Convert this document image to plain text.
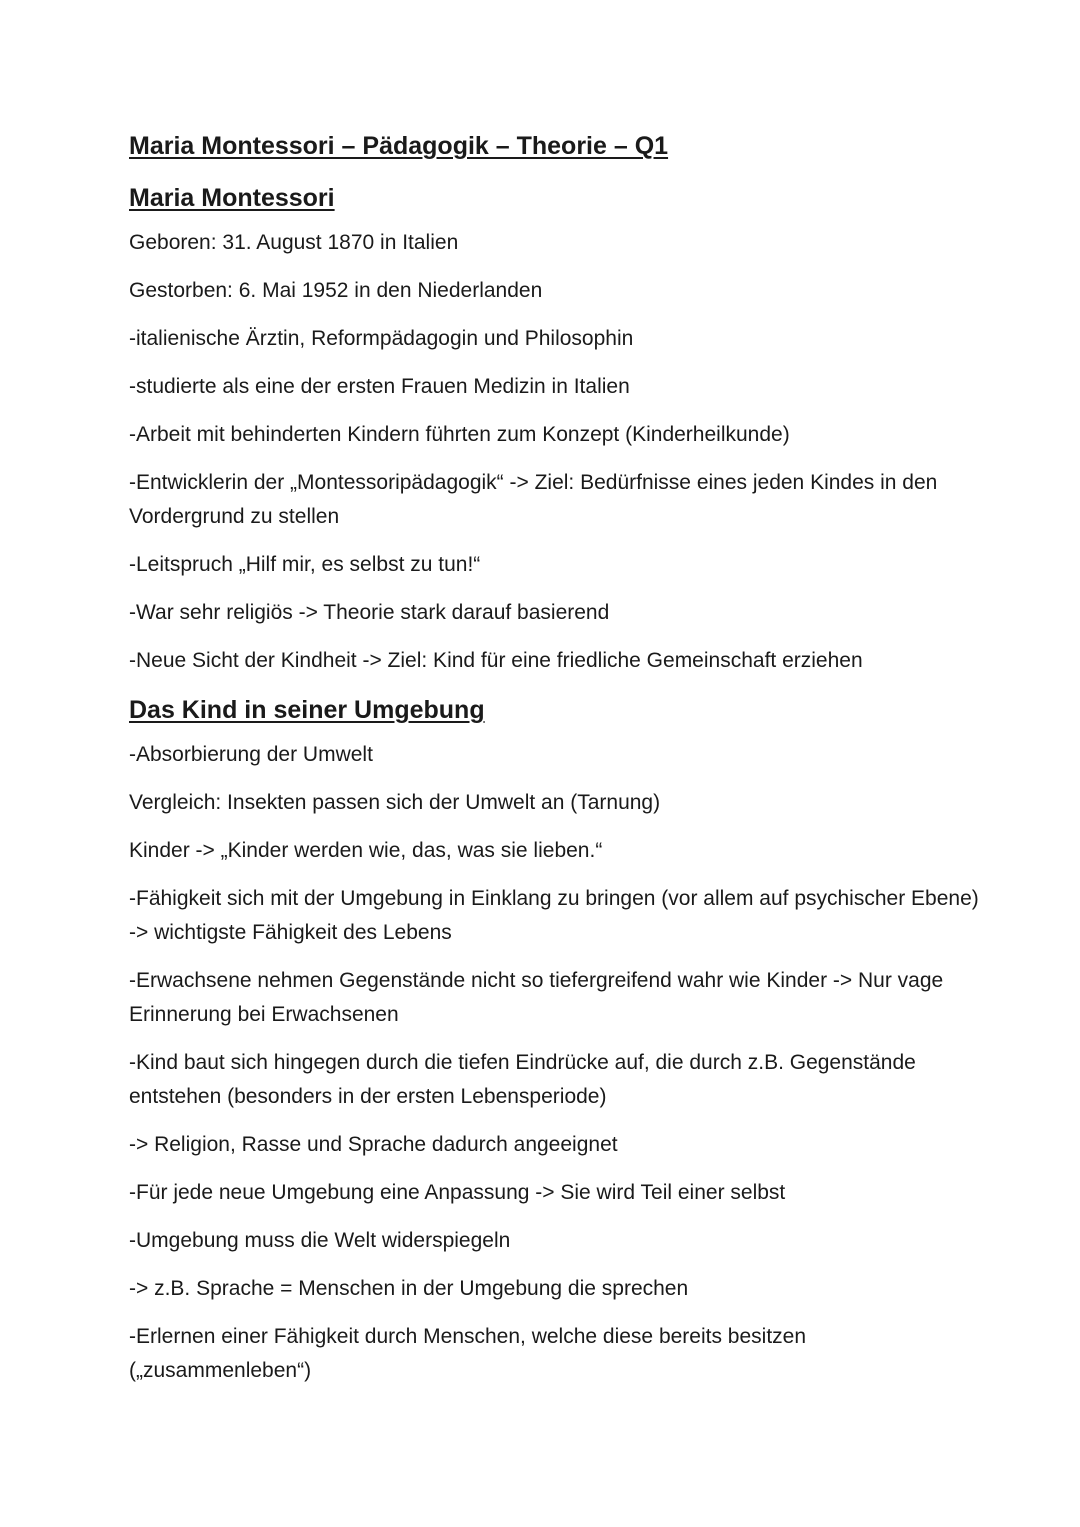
Maria Montessori – Pädagogik – Theorie – Q1
Maria Montessori

Geboren: 31. August 1870 in Italien

Gestorben: 6. Mai 1952 in den Niederlanden

-italienische Ärztin, Reformpädagogin und Philosophin

-studierte als eine der ersten Frauen Medizin in Italien

-Arbeit mit behinderten Kindern führten zum Konzept (Kinderheilkunde)

-Entwicklerin der „Montessoripädagogik“ -> Ziel: Bedürfnisse eines jeden Kindes in den Vordergrund zu stellen

-Leitspruch „Hilf mir, es selbst zu tun!“

-War sehr religiös -> Theorie stark darauf basierend

-Neue Sicht der Kindheit -> Ziel: Kind für eine friedliche Gemeinschaft erziehen

Das Kind in seiner Umgebung

-Absorbierung der Umwelt

Vergleich: Insekten passen sich der Umwelt an (Tarnung)

Kinder -> „Kinder werden wie, das, was sie lieben.“

-Fähigkeit sich mit der Umgebung in Einklang zu bringen (vor allem auf psychischer Ebene) -> wichtigste Fähigkeit des Lebens

-Erwachsene nehmen Gegenstände nicht so tiefergreifend wahr wie Kinder -> Nur vage Erinnerung bei Erwachsenen

-Kind baut sich hingegen durch die tiefen Eindrücke auf, die durch z.B. Gegenstände entstehen (besonders in der ersten Lebensperiode)

-> Religion, Rasse und Sprache dadurch angeeignet

-Für jede neue Umgebung eine Anpassung -> Sie wird Teil einer selbst

-Umgebung muss die Welt widerspiegeln

-> z.B. Sprache = Menschen in der Umgebung die sprechen

-Erlernen einer Fähigkeit durch Menschen, welche diese bereits besitzen („zusammenleben“)
